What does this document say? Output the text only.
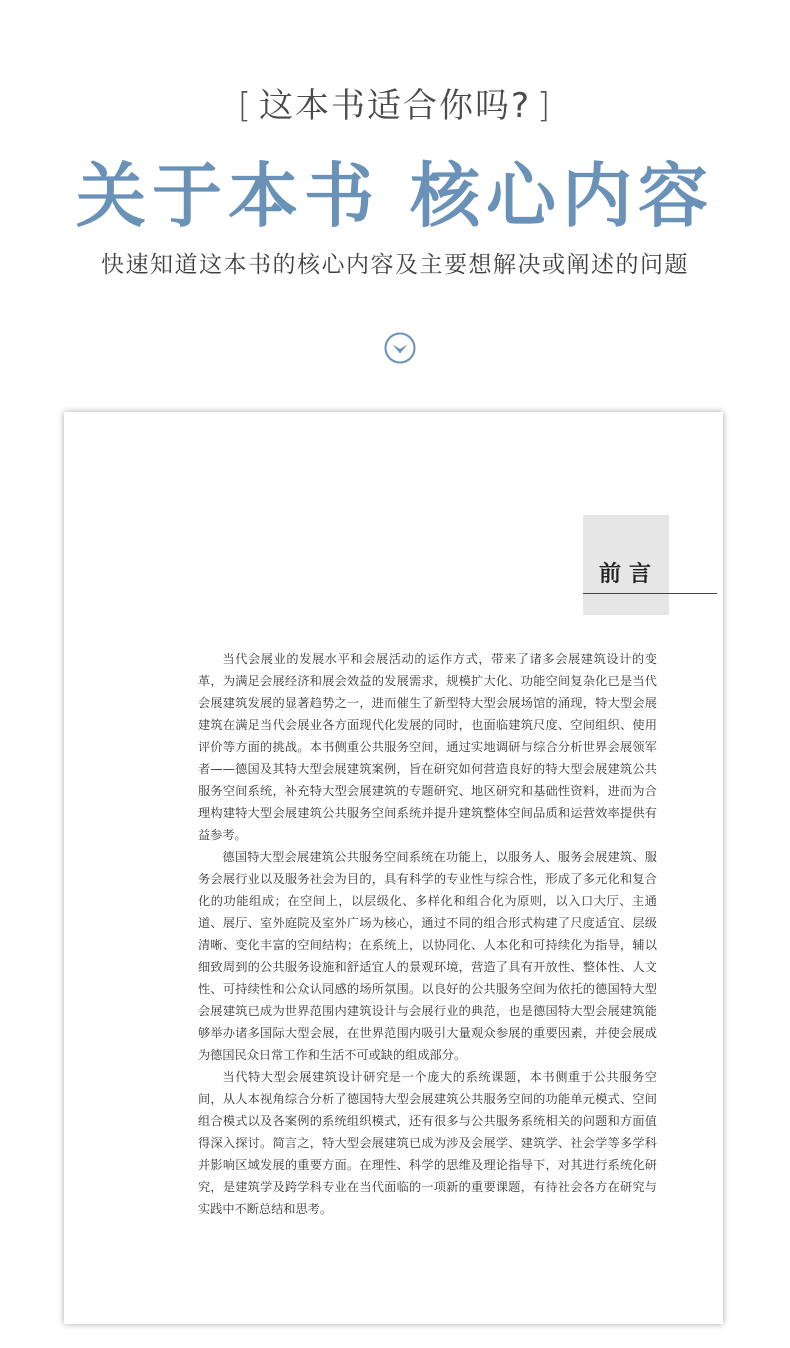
[ 这本书适合你吗? ]
关于本书 核心内容
快速知道这本书的核心内容及主要想解决或阐述的问题
前言

当代会展业的发展水平和会展活动的运作方式，带来了诸多会展建筑设计的变革，为满足会展经济和展会效益的发展需求，规模扩大化、功能空间复杂化已是当代会展建筑发展的显著趋势之一，进而催生了新型特大型会展场馆的涌现，特大型会展建筑在满足当代会展业各方面现代化发展的同时，也面临建筑尺度、空间组织、使用评价等方面的挑战。本书侧重公共服务空间，通过实地调研与综合分析世界会展领军者——德国及其特大型会展建筑案例，旨在研究如何营造良好的特大型会展建筑公共服务空间系统，补充特大型会展建筑的专题研究、地区研究和基础性资料，进而为合理构建特大型会展建筑公共服务空间系统并提升建筑整体空间品质和运营效率提供有益参考。

德国特大型会展建筑公共服务空间系统在功能上，以服务人、服务会展建筑、服务会展行业以及服务社会为目的，具有科学的专业性与综合性，形成了多元化和复合化的功能组成；在空间上，以层级化、多样化和组合化为原则，以入口大厅、主通道、展厅、室外庭院及室外广场为核心，通过不同的组合形式构建了尺度适宜、层级清晰、变化丰富的空间结构；在系统上，以协同化、人本化和可持续化为指导，辅以细致周到的公共服务设施和舒适宜人的景观环境，营造了具有开放性、整体性、人文性、可持续性和公众认同感的场所氛围。以良好的公共服务空间为依托的德国特大型会展建筑已成为世界范围内建筑设计与会展行业的典范，也是德国特大型会展建筑能够举办诸多国际大型会展，在世界范围内吸引大量观众参展的重要因素，并使会展成为德国民众日常工作和生活不可或缺的组成部分。

当代特大型会展建筑设计研究是一个庞大的系统课题，本书侧重于公共服务空间，从人本视角综合分析了德国特大型会展建筑公共服务空间的功能单元模式、空间组合模式以及各案例的系统组织模式，还有很多与公共服务系统相关的问题和方面值得深入探讨。简言之，特大型会展建筑已成为涉及会展学、建筑学、社会学等多学科并影响区域发展的重要方面。在理性、科学的思维及理论指导下，对其进行系统化研究，是建筑学及跨学科专业在当代面临的一项新的重要课题，有待社会各方在研究与实践中不断总结和思考。
